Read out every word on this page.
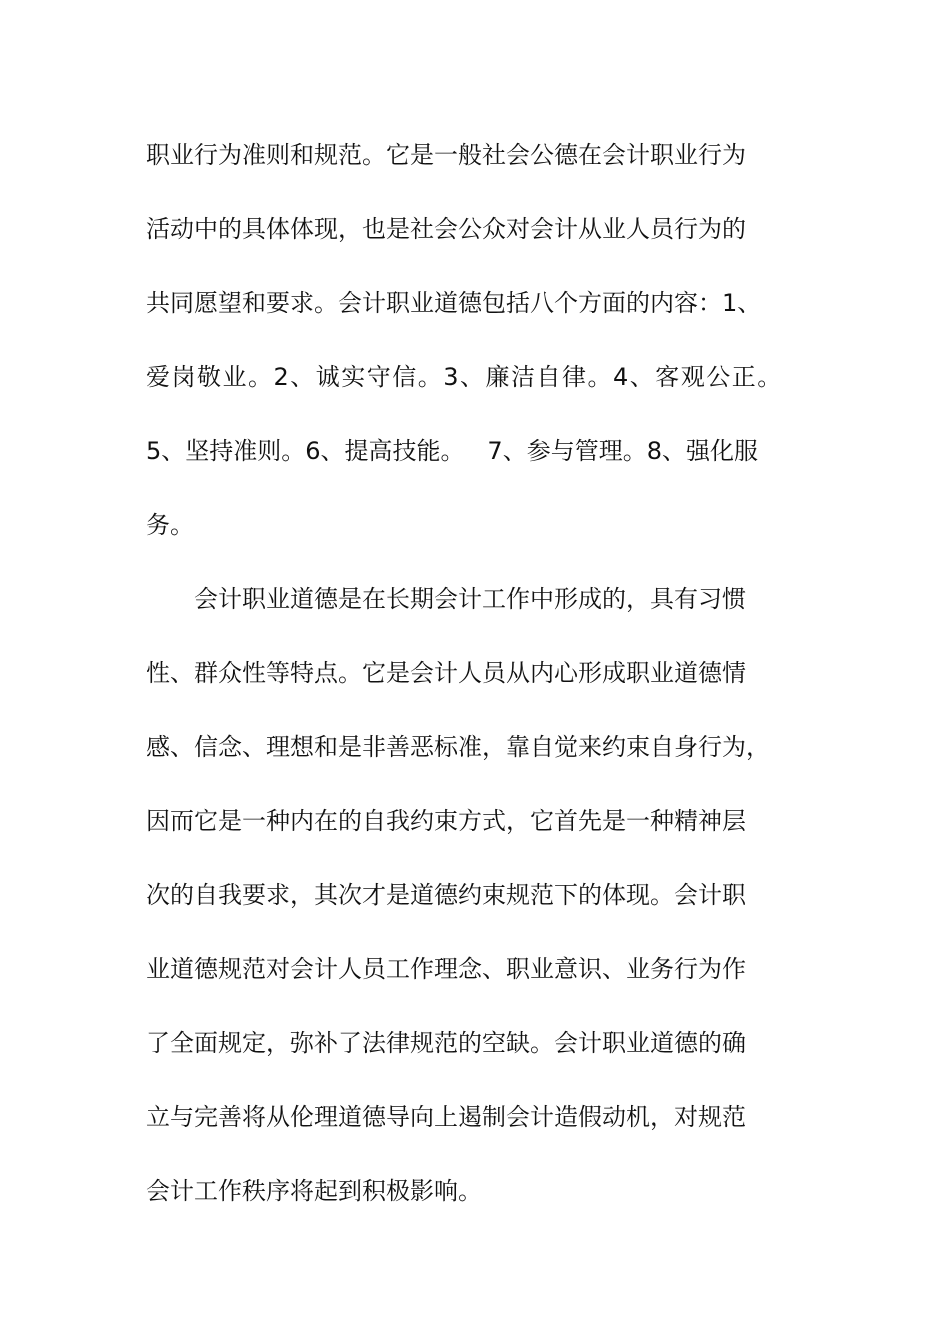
职业行为准则和规范。它是一般社会公德在会计职业行为
活动中的具体体现，也是社会公众对会计从业人员行为的
共同愿望和要求。会计职业道德包括八个方面的内容：1、
爱岗敬业。2、诚实守信。3、廉洁自律。4、客观公正。
5、坚持准则。6、提高技能。   7、参与管理。8、强化服
务。
会计职业道德是在长期会计工作中形成的，具有习惯
性、群众性等特点。它是会计人员从内心形成职业道德情
感、信念、理想和是非善恶标准，靠自觉来约束自身行为，
因而它是一种内在的自我约束方式，它首先是一种精神层
次的自我要求，其次才是道德约束规范下的体现。会计职
业道德规范对会计人员工作理念、职业意识、业务行为作
了全面规定，弥补了法律规范的空缺。会计职业道德的确
立与完善将从伦理道德导向上遏制会计造假动机，对规范
会计工作秩序将起到积极影响。
